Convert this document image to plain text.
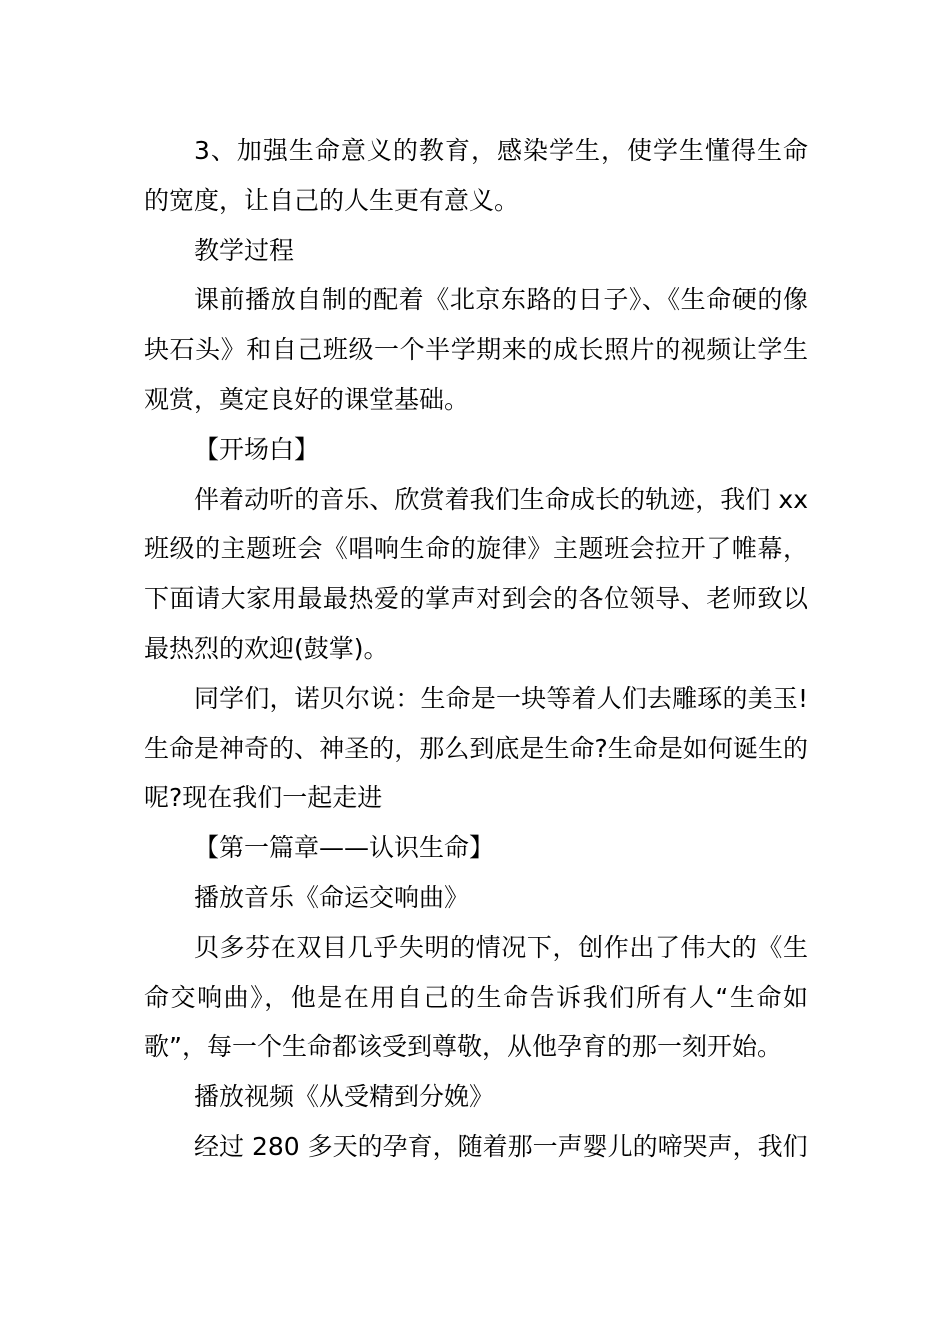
3、加强生命意义的教育，感染学生，使学生懂得生命的宽度，让自己的人生更有意义。

教学过程

课前播放自制的配着《北京东路的日子》、《生命硬的像块石头》和自己班级一个半学期来的成长照片的视频让学生观赏，奠定良好的课堂基础。

【开场白】

伴着动听的音乐、欣赏着我们生命成长的轨迹，我们 xx 班级的主题班会《唱响生命的旋律》主题班会拉开了帷幕，下面请大家用最最热爱的掌声对到会的各位领导、老师致以最热烈的欢迎(鼓掌)。

同学们，诺贝尔说：生命是一块等着人们去雕琢的美玉!生命是神奇的、神圣的，那么到底是生命?生命是如何诞生的呢?现在我们一起走进

【第一篇章——认识生命】

播放音乐《命运交响曲》

贝多芬在双目几乎失明的情况下，创作出了伟大的《生命交响曲》，他是在用自己的生命告诉我们所有人“生命如歌”，每一个生命都该受到尊敬，从他孕育的那一刻开始。

播放视频《从受精到分娩》

经过 280 多天的孕育，随着那一声婴儿的啼哭声，我们
